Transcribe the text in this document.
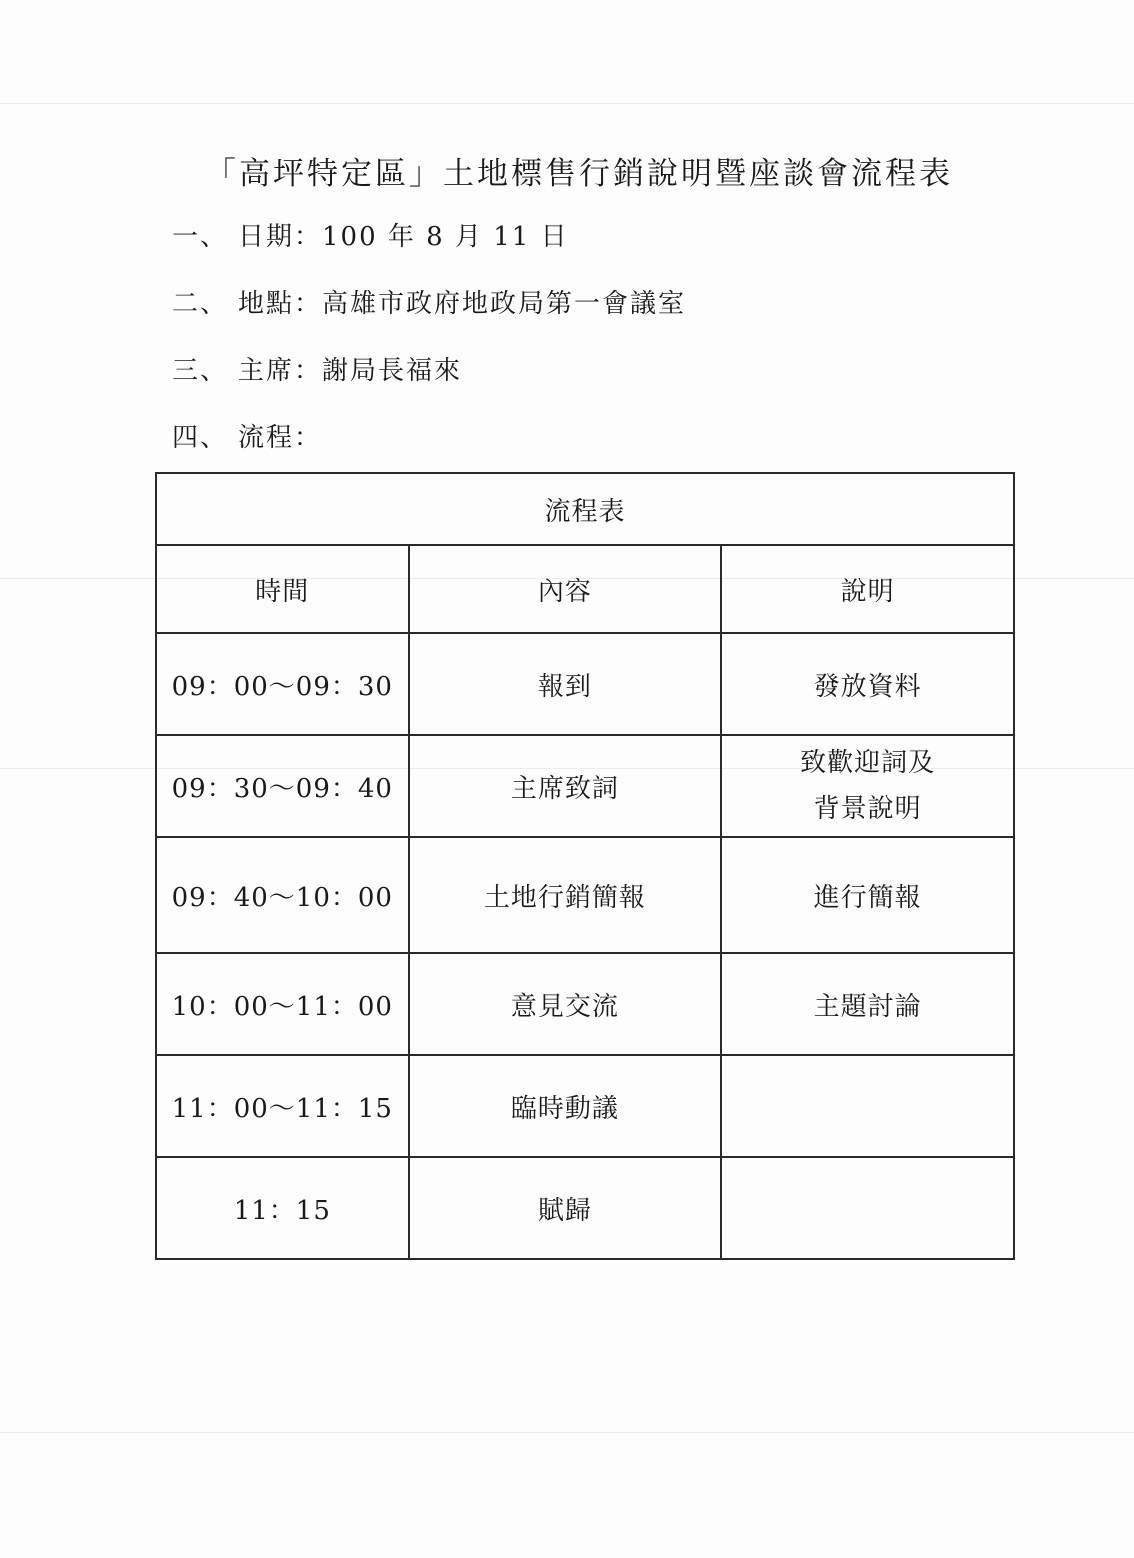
「高坪特定區」土地標售行銷說明暨座談會流程表
一、 日期：100 年 8 月 11 日
二、 地點：高雄市政府地政局第一會議室
三、 主席：謝局長福來
四、 流程：
流程表		
時間	內容	說明
09：00～09：30	報到	發放資料
09：30～09：40	主席致詞	致歡迎詞及
背景說明

09：40～10：00	土地行銷簡報	進行簡報
10：00～11：00	意見交流	主題討論
11：00～11：15	臨時動議	
11：15	賦歸	
